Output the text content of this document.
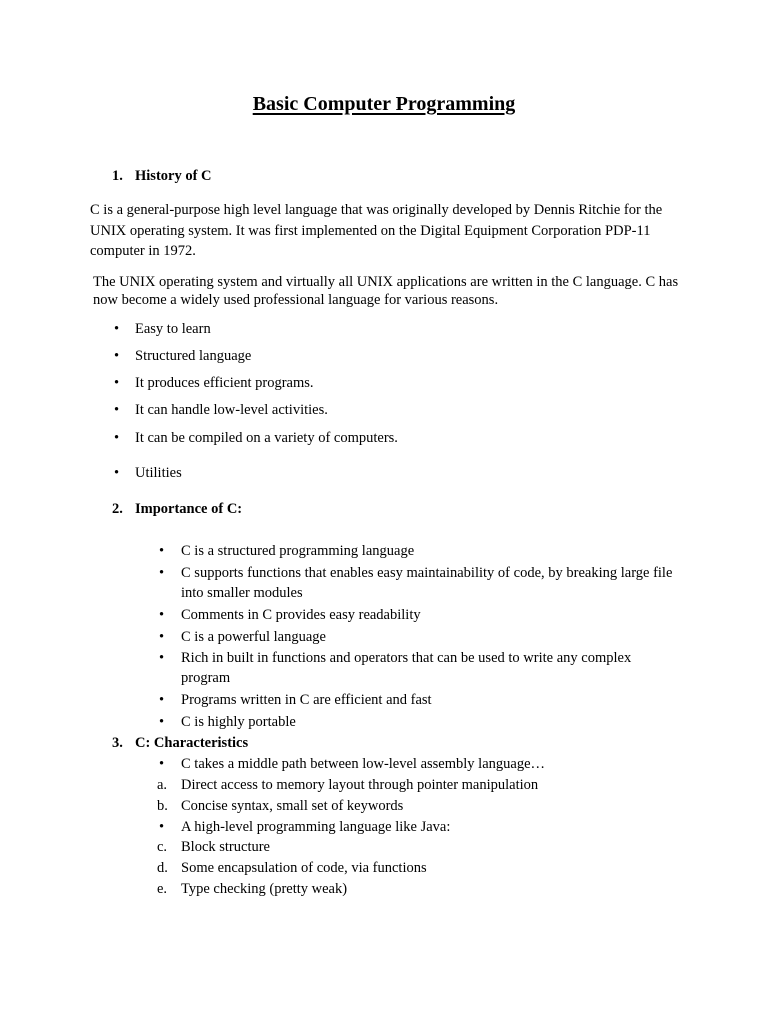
Basic Computer Programming
1. History of C

C is a general-purpose high level language that was originally developed by Dennis Ritchie for the UNIX operating system. It was first implemented on the Digital Equipment Corporation PDP-11 computer in 1972.

The UNIX operating system and virtually all UNIX applications are written in the C language. C has now become a widely used professional language for various reasons.

• Easy to learn
• Structured language
• It produces efficient programs.
• It can handle low-level activities.
• It can be compiled on a variety of computers.
• Utilities
2. Importance of C:
• C is a structured programming language
• C supports functions that enables easy maintainability of code, by breaking large file into smaller modules
• Comments in C provides easy readability
• C is a powerful language
• Rich in built in functions and operators that can be used to write any complex program
• Programs written in C are efficient and fast
• C is highly portable
3. C: Characteristics
• C takes a middle path between low-level assembly language…
a. Direct access to memory layout through pointer manipulation
b. Concise syntax, small set of keywords
• A high-level programming language like Java:
c. Block structure
d. Some encapsulation of code, via functions
e. Type checking (pretty weak)
